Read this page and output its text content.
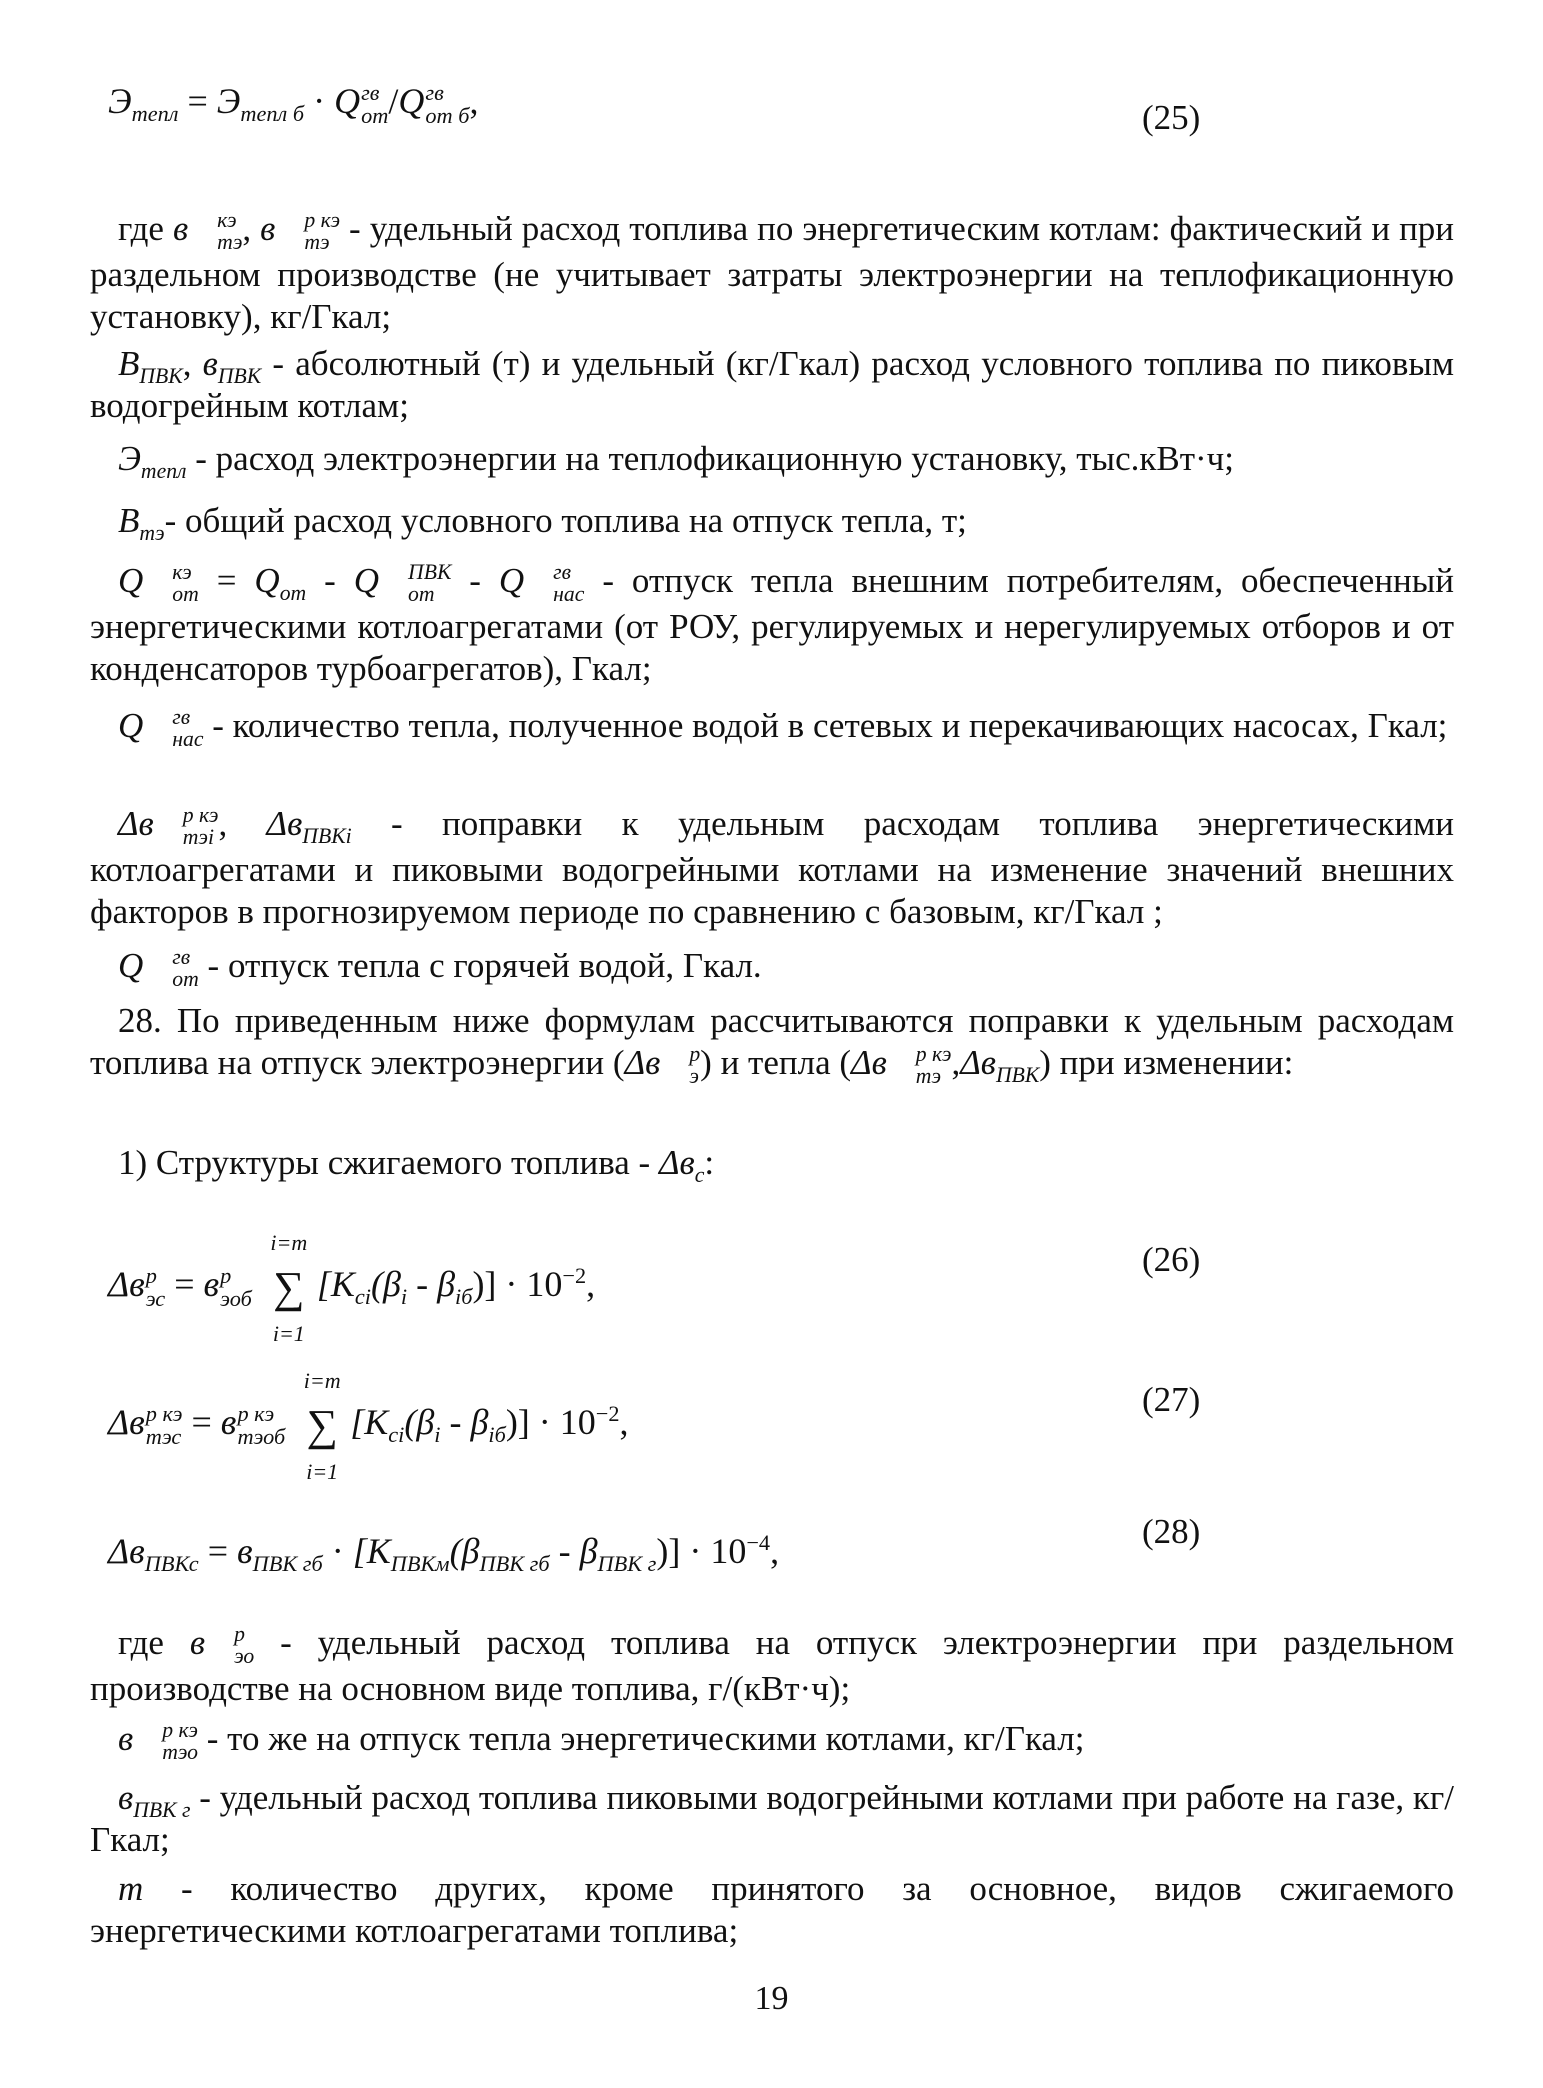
$Э_{тепл} = Э_{тепл б} \cdot Q$ гв
от /Q гв
от б ,	(25)
где в	кэ
тэ , в	р кэ
тэ - удельный расход топлива по энергетическим котлам: фактический и при раздельном производстве (не учитывает затраты электроэнергии на теплофикационную установку), кг/Гкал;
$В_{ПВК}$, $в_{ПВК}$ - абсолютный (т) и удельный (кг/Гкал) расход условного топлива по пиковым водогрейным котлам;
$Э_{тепл}$ - расход электроэнергии на теплофикационную установку, тыс.кВт·ч;
$В_{тэ}-$ общий расход условного топлива на отпуск тепла, т;
Q	кэ
от = $Q_{от}$ - Q	ПВК
от - Q	гв
нас - отпуск тепла внешним потребителям, обеспеченный энергетическими котлоагрегатами (от РОУ, регулируемых и нерегулируемых отборов и от конденсаторов турбоагрегатов), Гкал;
Q	гв
нас - количество тепла, полученное водой в сетевых и перекачивающих насосах, Гкал;
Δв	р кэ
тэi , $\Delta в_{ПВКi}$ - поправки к удельным расходам топлива энергетическими котлоагрегатами и пиковыми водогрейными котлами на изменение значений внешних факторов в прогнозируемом периоде по сравнению с базовым, кг/Гкал ;
Q	гв
от - отпуск тепла с горячей водой, Гкал.
28. По приведенным ниже формулам рассчитываются поправки к удельным расходам топлива на отпуск электроэнергии (Δв	р
э ) и тепла (Δв	р кэ
тэ $,\Delta в_{ПВК}$) при изменении:
1) Структуры сжигаемого топлива - $\Delta в_с$:
Δв р
эс = в р
эоб

i=m
∑
i=1
$[K_{сi}(\beta_i - \beta_{iб})] \cdot 10^{-2}$,
(26)
Δв р кэ
тэс = в р кэ
тэоб

i=m
∑
i=1
$[K_{сi}(\beta_i - \beta_{iб})] \cdot 10^{-2}$,
(27)
$\Delta в_{ПВКс} = в_{ПВК гб} \cdot [K_{ПВКм}(\beta_{ПВК гб} - \beta_{ПВК г})] \cdot 10^{-4}$,	(28)
где в	р
эо - удельный расход топлива на отпуск электроэнергии при раздельном производстве на основном виде топлива, г/(кВт·ч);
в	р кэ
тэо - то же на отпуск тепла энергетическими котлами, кг/Гкал;
$в_{ПВК г}$ - удельный расход топлива пиковыми водогрейными котлами при работе на газе, кг/Гкал;
m - количество других, кроме принятого за основное, видов сжигаемого энергетическими котлоагрегатами топлива;
19
